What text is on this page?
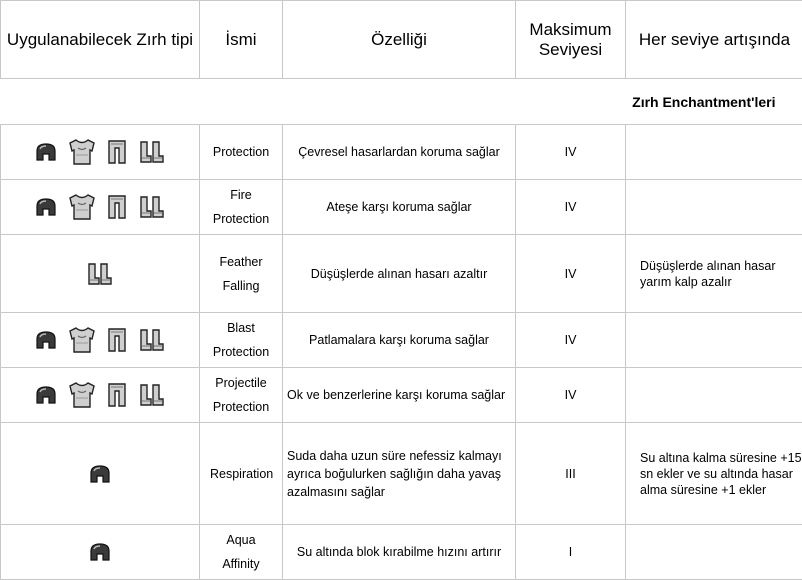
Uygulanabilecek Zırh tipi	İsmi	Özelliği	Maksimum Seviyesi	Her seviye artışında
Zırh Enchantment'leri				

	Protection	Çevresel hasarlardan koruma sağlar	IV	

	Fire Protection	Ateşe karşı koruma sağlar	IV	

	Feather Falling	Düşüşlerde alınan hasarı azaltır	IV	Düşüşlerde alınan hasar yarım kalp azalır

	Blast Protection	Patlamalara karşı koruma sağlar	IV	

	Projectile Protection	Ok ve benzerlerine karşı koruma sağlar	IV	

	Respiration	Suda daha uzun süre nefessiz kalmayı ayrıca boğulurken sağlığın daha yavaş azalmasını sağlar	III	Su altına kalma süresine +15 sn ekler ve su altında hasar alma süresine +1 ekler

	Aqua Affinity	Su altında blok kırabilme hızını artırır	I	
